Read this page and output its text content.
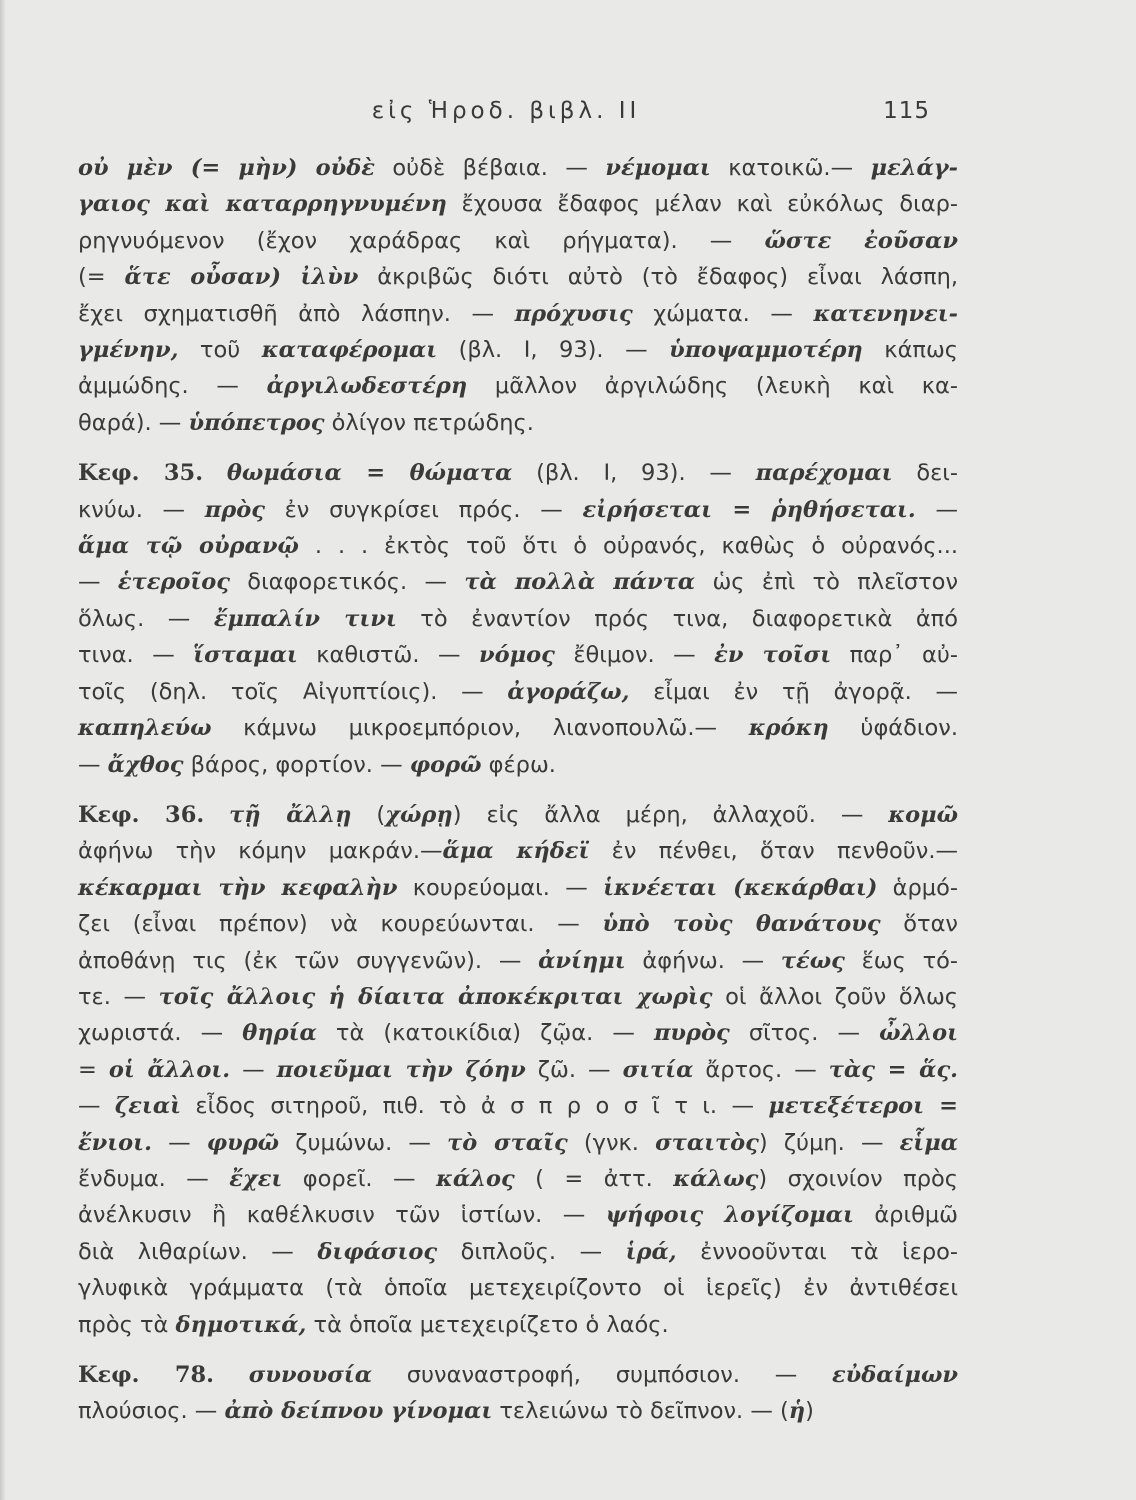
εἰς Ἡροδ. βιβλ. ΙΙ	115
οὐ μὲν (= μὴν) οὐδὲ οὐδὲ βέβαια. — νέμομαι κατοικῶ.— μελάγ-
γαιος καὶ καταρρηγνυμένη ἔχουσα ἔδαφος μέλαν καὶ εὐκόλως διαρ-
ρηγνυόμενον (ἔχον χαράδρας καὶ ρήγματα). — ὥστε ἐοῦσαν
(= ἅτε οὖσαν) ἰλὺν ἀκριβῶς διότι αὐτὸ (τὸ ἔδαφος) εἶναι λάσπη,
ἔχει σχηματισθῆ ἀπὸ λάσπην. — πρόχυσις χώματα. — κατενηνει-
γμένην, τοῦ καταφέρομαι (βλ. Ι, 93). — ὑποψαμμοτέρη κάπως
ἀμμώδης. — ἀργιλωδεστέρη μᾶλλον ἀργιλώδης (λευκὴ καὶ κα-
θαρά). — ὑπόπετρος ὀλίγον πετρώδης.
Κεφ. 35. θωμάσια = θώματα (βλ. Ι, 93). — παρέχομαι δει-
κνύω. — πρὸς ἐν συγκρίσει πρός. — εἰρήσεται = ῥηθήσεται. —
ἅμα τῷ οὐρανῷ . . . ἐκτὸς τοῦ ὅτι ὁ οὐρανός, καθὼς ὁ οὐρανός...
— ἑτεροῖος διαφορετικός. — τὰ πολλὰ πάντα ὡς ἐπὶ τὸ πλεῖστον
ὅλως. — ἔμπαλίν τινι τὸ ἐναντίον πρός τινα, διαφορετικὰ ἀπό
τινα. — ἵσταμαι καθιστῶ. — νόμος ἔθιμον. — ἐν τοῖσι παρ᾽ αὐ-
τοῖς (δηλ. τοῖς Αἰγυπτίοις). — ἀγοράζω, εἶμαι ἐν τῇ ἀγορᾷ. —
καπηλεύω κάμνω μικροεμπόριον, λιανοπουλῶ.— κρόκη ὑφάδιον.
— ἄχθος βάρος, φορτίον. — φορῶ φέρω.
Κεφ. 36. τῇ ἄλλῃ (χώρῃ) εἰς ἄλλα μέρη, ἀλλαχοῦ. — κομῶ
ἀφήνω τὴν κόμην μακράν.—ἅμα κήδεϊ ἐν πένθει, ὅταν πενθοῦν.—
κέκαρμαι τὴν κεφαλὴν κουρεύομαι. — ἱκνέεται (κεκάρθαι) ἁρμό-
ζει (εἶναι πρέπον) νὰ κουρεύωνται. — ὑπὸ τοὺς θανάτους ὅταν
ἀποθάνῃ τις (ἐκ τῶν συγγενῶν). — ἀνίημι ἀφήνω. — τέως ἕως τό-
τε. — τοῖς ἄλλοις ἡ δίαιτα ἀποκέκριται χωρὶς οἱ ἄλλοι ζοῦν ὅλως
χωριστά. — θηρία τὰ (κατοικίδια) ζῷα. — πυρὸς σῖτος. — ὦλλοι
= οἱ ἄλλοι. — ποιεῦμαι τὴν ζόην ζῶ. — σιτία ἄρτος. — τὰς = ἅς.
— ζειαὶ εἶδος σιτηροῦ, πιθ. τὸ ἀ σ π ρ ο σ ῖ τ ι. — μετεξέτεροι =
ἔνιοι. — φυρῶ ζυμώνω. — τὸ σταῖς (γνκ. σταιτὸς) ζύμη. — εἷμα
ἔνδυμα. — ἔχει φορεῖ. — κάλος ( = ἀττ. κάλως) σχοινίον πρὸς
ἀνέλκυσιν ἢ καθέλκυσιν τῶν ἱστίων. — ψήφοις λογίζομαι ἀριθμῶ
διὰ λιθαρίων. — διφάσιος διπλοῦς. — ἱρά, ἐννοοῦνται τὰ ἱερο-
γλυφικὰ γράμματα (τὰ ὁποῖα μετεχειρίζοντο οἱ ἱερεῖς) ἐν ἀντιθέσει
πρὸς τὰ δημοτικά, τὰ ὁποῖα μετεχειρίζετο ὁ λαός.
Κεφ. 78. συνουσία συναναστροφή, συμπόσιον. — εὐδαίμων
πλούσιος. — ἀπὸ δείπνου γίνομαι τελειώνω τὸ δεῖπνον. — (ἡ)
